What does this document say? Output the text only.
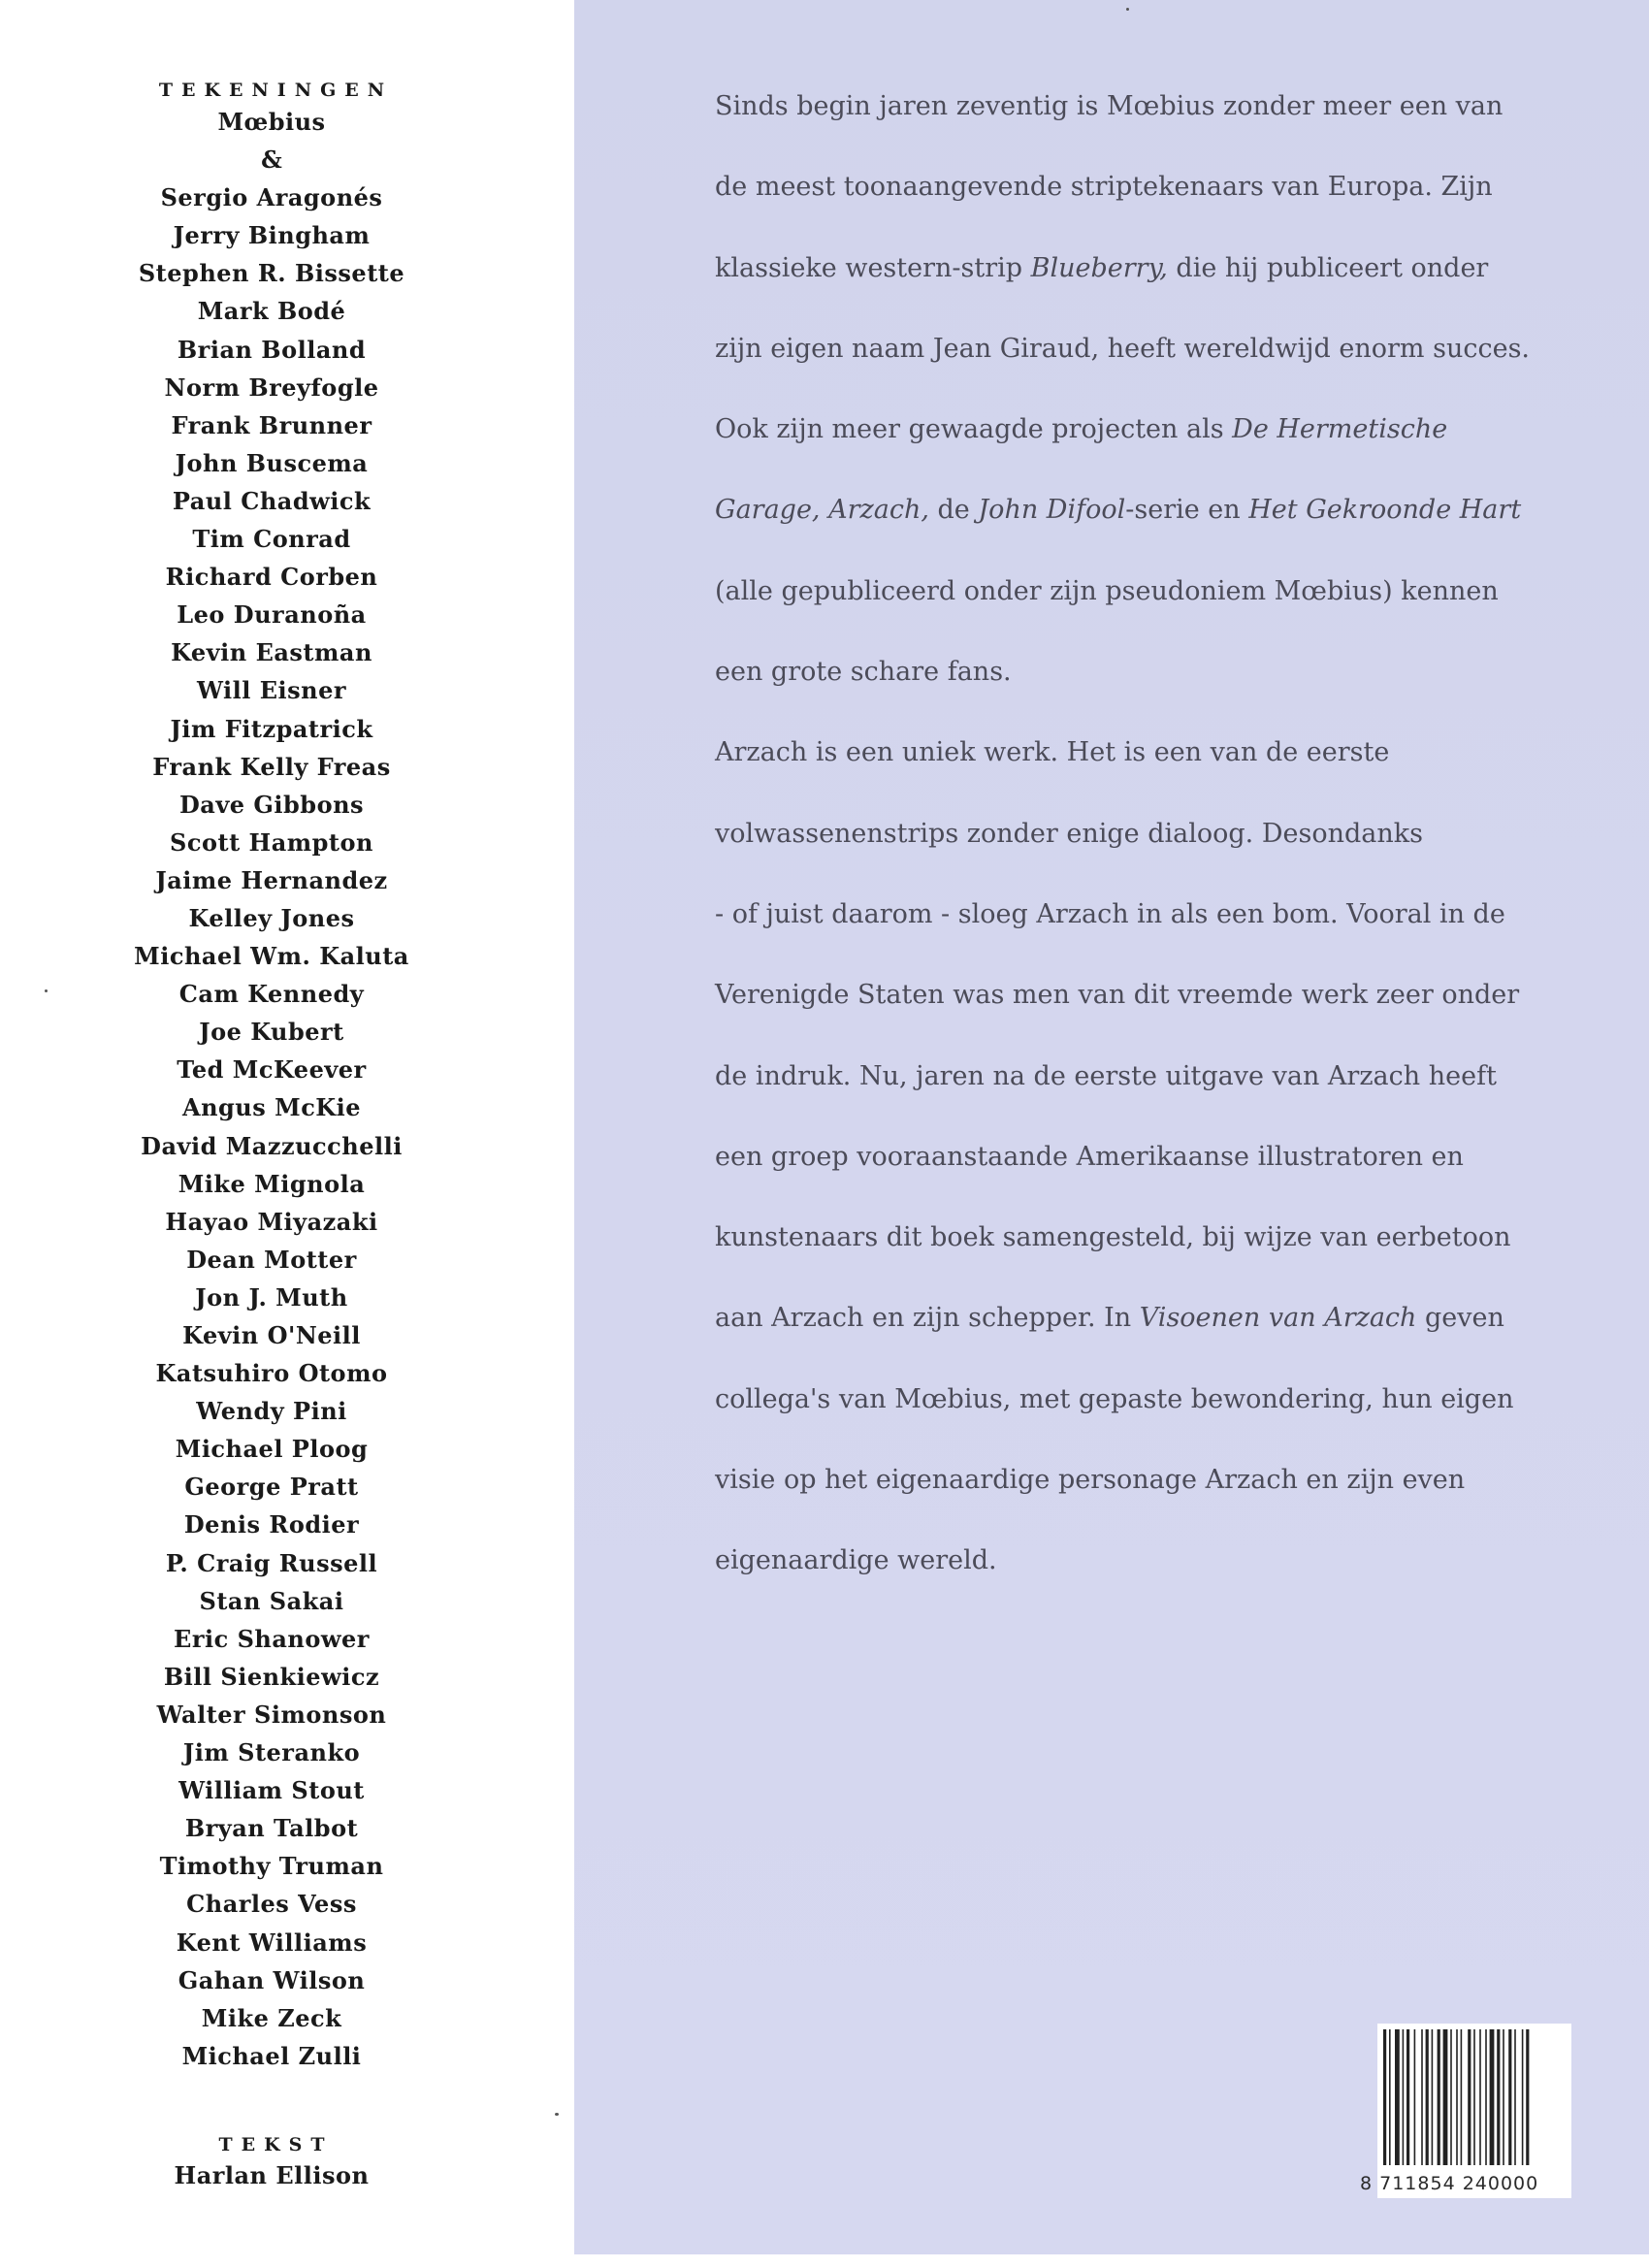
TEKENINGEN
Mœbius
&
Sergio Aragonés
Jerry Bingham
Stephen R. Bissette
Mark Bodé
Brian Bolland
Norm Breyfogle
Frank Brunner
John Buscema
Paul Chadwick
Tim Conrad
Richard Corben
Leo Duranoña
Kevin Eastman
Will Eisner
Jim Fitzpatrick
Frank Kelly Freas
Dave Gibbons
Scott Hampton
Jaime Hernandez
Kelley Jones
Michael Wm. Kaluta
Cam Kennedy
Joe Kubert
Ted McKeever
Angus McKie
David Mazzucchelli
Mike Mignola
Hayao Miyazaki
Dean Motter
Jon J. Muth
Kevin O'Neill
Katsuhiro Otomo
Wendy Pini
Michael Ploog
George Pratt
Denis Rodier
P. Craig Russell
Stan Sakai
Eric Shanower
Bill Sienkiewicz
Walter Simonson
Jim Steranko
William Stout
Bryan Talbot
Timothy Truman
Charles Vess
Kent Williams
Gahan Wilson
Mike Zeck
Michael Zulli
TEKST
Harlan Ellison
Sinds begin jaren zeventig is Mœbius zonder meer een van
de meest toonaangevende striptekenaars van Europa. Zijn
klassieke western-strip Blueberry, die hij publiceert onder
zijn eigen naam Jean Giraud, heeft wereldwijd enorm succes.
Ook zijn meer gewaagde projecten als De Hermetische
Garage, Arzach, de John Difool-serie en Het Gekroonde Hart
(alle gepubliceerd onder zijn pseudoniem Mœbius) kennen
een grote schare fans.
Arzach is een uniek werk. Het is een van de eerste
volwassenenstrips zonder enige dialoog. Desondanks
- of juist daarom - sloeg Arzach in als een bom. Vooral in de
Verenigde Staten was men van dit vreemde werk zeer onder
de indruk. Nu, jaren na de eerste uitgave van Arzach heeft
een groep vooraanstaande Amerikaanse illustratoren en
kunstenaars dit boek samengesteld, bij wijze van eerbetoon
aan Arzach en zijn schepper. In Visoenen van Arzach geven
collega's van Mœbius, met gepaste bewondering, hun eigen
visie op het eigenaardige personage Arzach en zijn even
eigenaardige wereld.
8 711854 240000
